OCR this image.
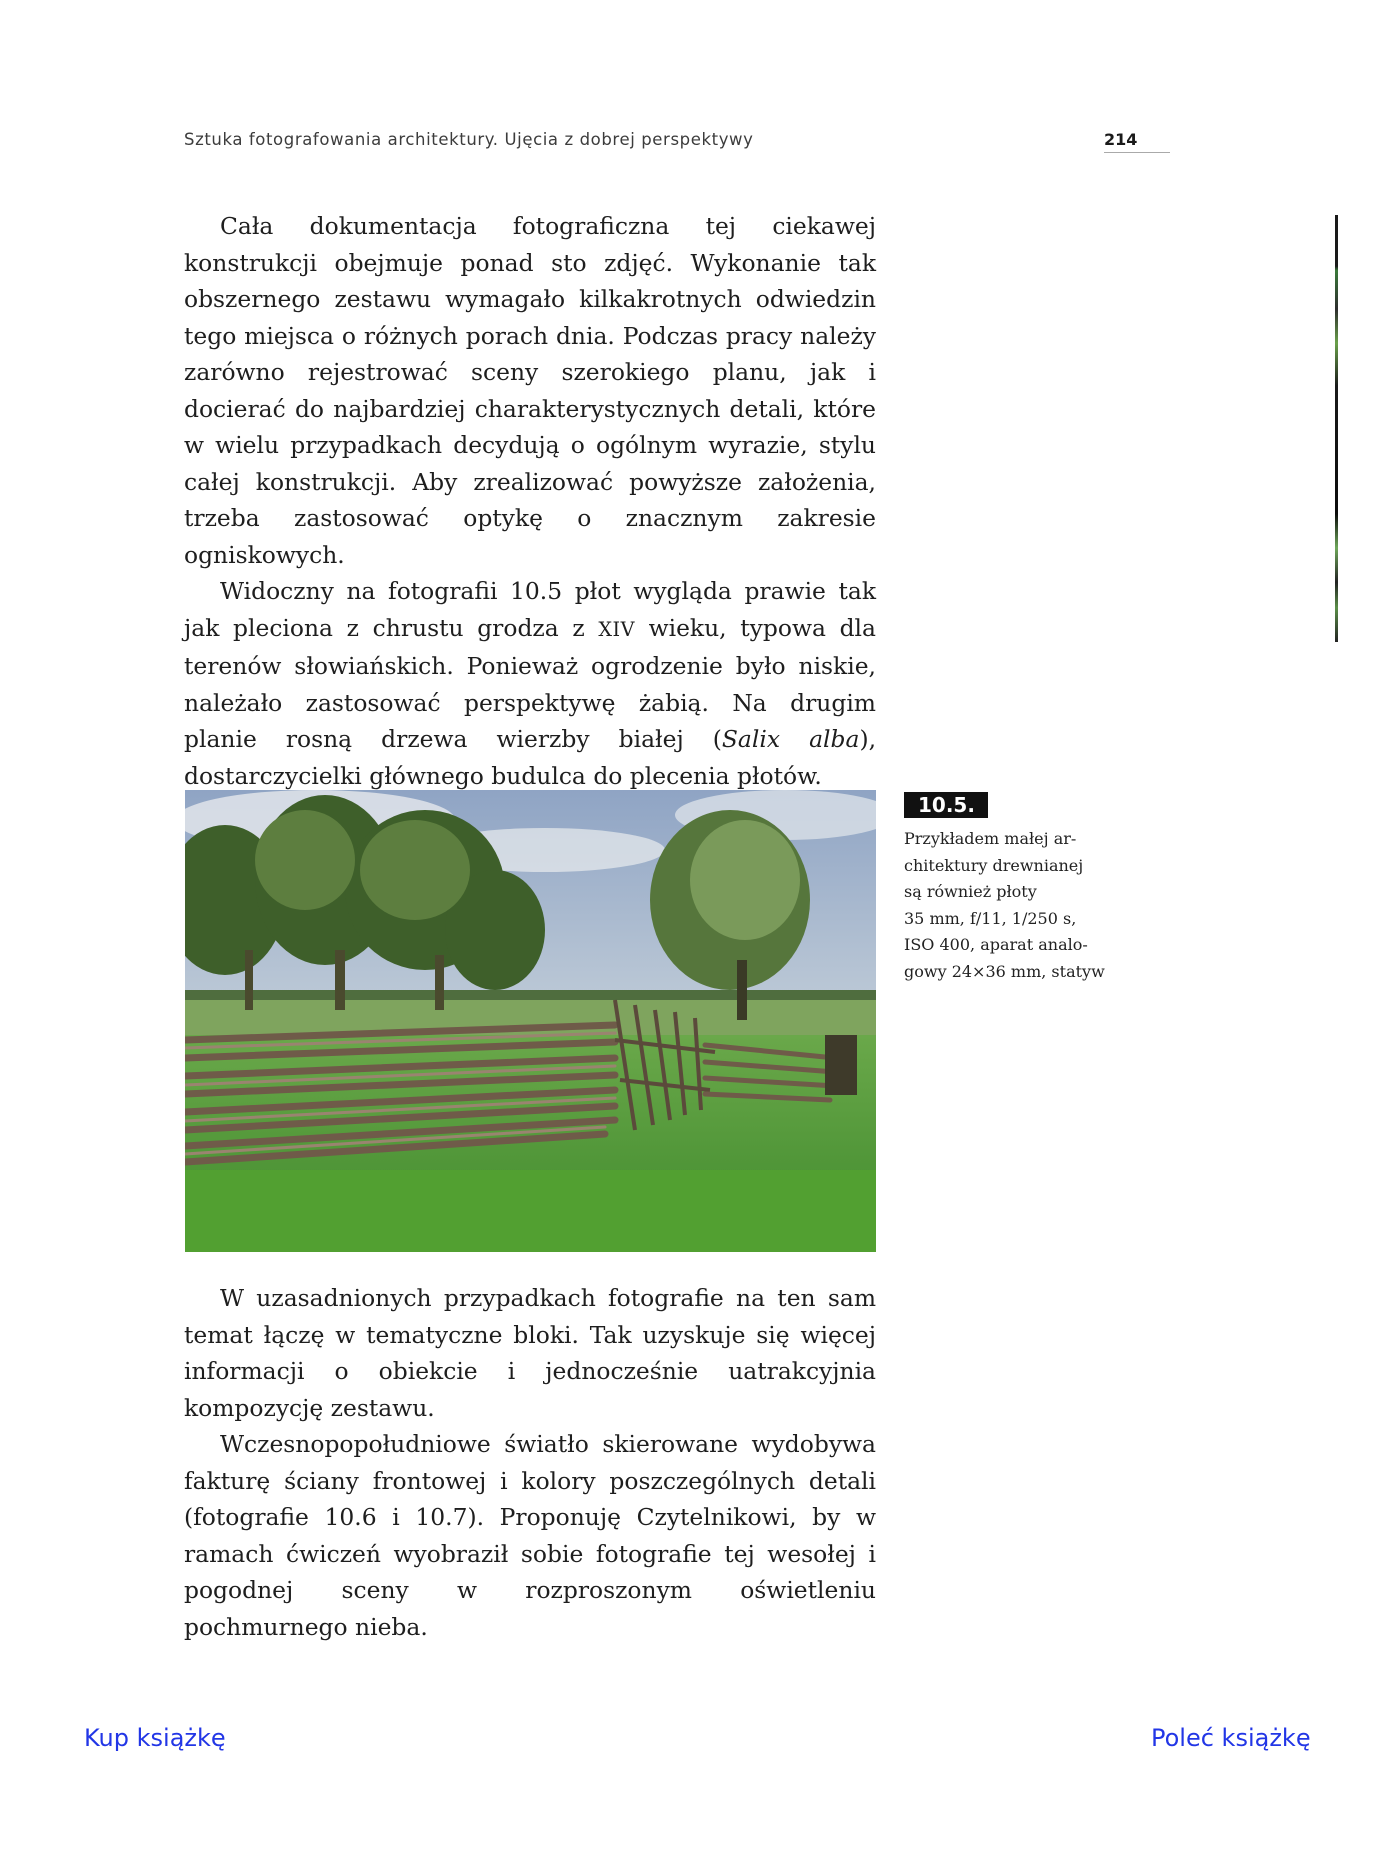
Sztuka fotografowania architektury. Ujęcia z dobrej perspektywy	214

Cała dokumentacja fotograficzna tej ciekawej konstrukcji obejmuje ponad sto zdjęć. Wykonanie tak obszernego zestawu wymagało kilkakrotnych odwiedzin tego miejsca o różnych porach dnia. Podczas pracy należy zarówno rejestrować sceny szerokiego planu, jak i docierać do najbardziej charakterystycznych detali, które w wielu przypadkach decydują o ogólnym wyrazie, stylu całej konstrukcji. Aby zrealizować powyższe założenia, trzeba zastosować optykę o znacznym zakresie ogniskowych.

Widoczny na fotografii 10.5 płot wygląda prawie tak jak pleciona z chrustu grodza z XIV wieku, typowa dla terenów słowiańskich. Ponieważ ogrodzenie było niskie, należało zastosować perspektywę żabią. Na drugim planie rosną drzewa wierzby białej (Salix alba), dostarczycielki głównego budulca do plecenia płotów.

10.5.
Przykładem małej ar-
chitektury drewnianej
są również płoty
35 mm, f/11, 1/250 s,
ISO 400, aparat analo-
gowy 24×36 mm, statyw

W uzasadnionych przypadkach fotografie na ten sam temat łączę w tematyczne bloki. Tak uzyskuje się więcej informacji o obiekcie i jednocześnie uatrakcyjnia kompozycję zestawu.

Wczesnopopołudniowe światło skierowane wydobywa fakturę ściany frontowej i kolory poszczególnych detali (fotografie 10.6 i 10.7). Proponuję Czytelnikowi, by w ramach ćwiczeń wyobraził sobie fotografie tej wesołej i pogodnej sceny w rozproszonym oświetleniu pochmurnego nieba.

Kup książkę	Poleć książkę
